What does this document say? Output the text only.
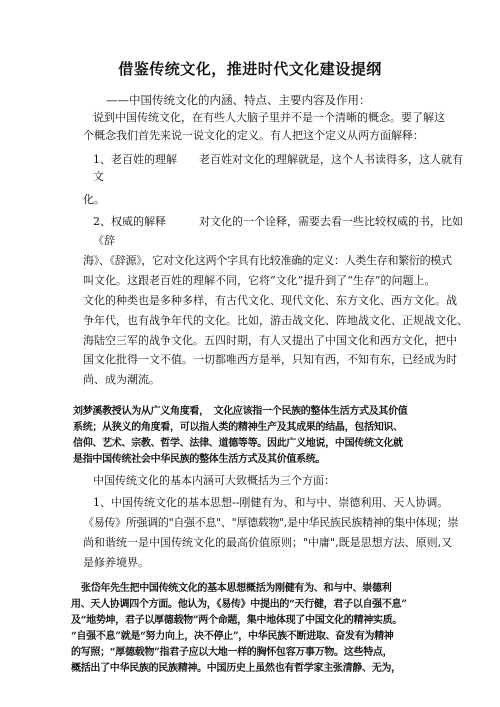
借鉴传统文化，推进时代文化建设提纲
——中国传统文化的内涵、特点、主要内容及作用：
说到中国传统文化，在有些人大脑子里并不是一个清晰的概念。要了解这
个概念我们首先来说一说文化的定义。有人把这个定义从两方面解释：
1、老百姓的理解　　老百姓对文化的理解就是，这个人书读得多，这人就有
文
化。
2、权威的解释　　　对文化的一个诠释，需要去看一些比较权威的书，比如
《辞
海》、《辞源》，它对文化这两个字具有比较准确的定义：人类生存和繁衍的模式
叫文化。这跟老百姓的理解不同，它将“文化”提升到了“生存”的问题上。
文化的种类也是多种多样，有古代文化、现代文化、东方文化、西方文化。战
争年代，也有战争年代的文化。比如，游击战文化、阵地战文化、正规战文化、
海陆空三军的战争文化。五四时期，有人又提出了中国文化和西方文化，把中
国文化批得一文不值。一切都唯西方是举，只知有西，不知有东，已经成为时
尚、成为潮流。
刘梦溪教授认为从广义角度看，　文化应该指一个民族的整体生活方式及其价值
系统；从狭义的角度看，可以指人类的精神生产及其成果的结晶，包括知识、
信仰、艺术、宗教、哲学、法律、道德等等。因此广义地说，中国传统文化就
是指中国传统社会中华民族的整体生活方式及其价值系统。
中国传统文化的基本内涵可大致概括为三个方面：
1、中国传统文化的基本思想--刚健有为、和与中、崇德利用、天人协调。
《易传》所强调的"自强不息"、"厚德载物",是中华民族民族精神的集中体现；崇
尚和谐统一是中国传统文化的最高价值原则；"中庸",既是思想方法、原则,又
是修养境界。
张岱年先生把中国传统文化的基本思想概括为刚健有为、和与中、崇德利
用、天人协调四个方面。他认为，《易传》中提出的“天行健，君子以自强不息”
及“地势坤，君子以厚德载物”两个命题，集中地体现了中国文化的精神实质。
“自强不息”就是“努力向上，决不停止”，中华民族不断进取、奋发有为精神
的写照；“厚德载物”指君子应以大地一样的胸怀包容万事万物。这些特点，
概括出了中华民族的民族精神。中国历史上虽然也有哲学家主张清静、无为，
